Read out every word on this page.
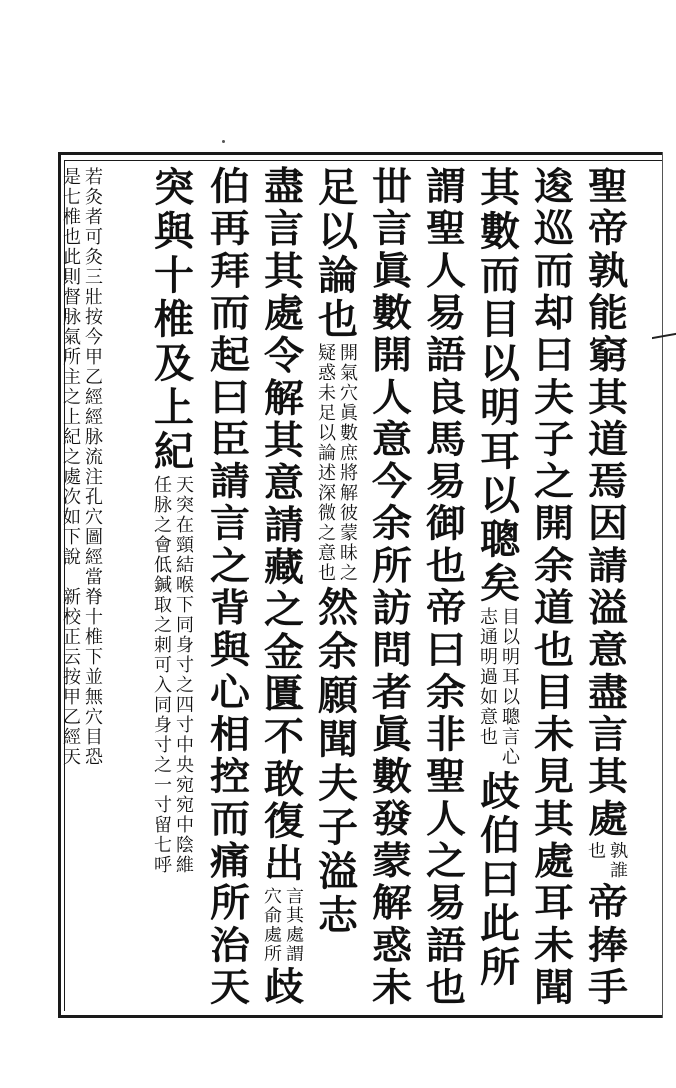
聖
帝
孰
能
窮
其
道
焉
因
請
溢
意
盡
言
其
處
孰
誰
也
帝
捧
手
逡
巡
而
却
曰
夫
子
之
開
余
道
也
目
未
見
其
處
耳
未
聞
其
數
而
目
以
明
耳
以
聰
矣
目
以
明
耳
以
聰
言
心
志
通
明
過
如
意
也
歧
伯
曰
此
所
謂
聖
人
易
語
良
馬
易
御
也
帝
曰
余
非
聖
人
之
易
語
也
丗
言
眞
數
開
人
意
今
余
所
訪
問
者
眞
數
發
蒙
解
惑
未
足
以
論
也
開
氣
穴
眞
數
庶
將
解
彼
蒙
昧
之
疑
惑
未
足
以
論
述
深
微
之
意
也
然
余
願
聞
夫
子
溢
志
盡
言
其
處
令
解
其
意
請
藏
之
金
匱
不
敢
復
出
言
其
處
謂
穴
俞
處
所
歧
伯
再
拜
而
起
曰
臣
請
言
之
背
與
心
相
控
而
痛
所
治
天
突
與
十
椎
及
上
紀
天
突
在
頸
結
喉
下
同
身
寸
之
四
寸
中
央
宛
宛
中
陰
維
任
脉
之
會
低
鍼
取
之
刺
可
入
同
身
寸
之
一
寸
留
七
呼
若
灸
者
可
灸
三
壯
按
今
甲
乙
經
經
脉
流
注
孔
穴
圖
經
當
脊
十
椎
下
並
無
穴
目
恐
是
七
椎
也
此
則
督
脉
氣
所
主
之
上
紀
之
處
次
如
下
說

新
校
正
云
按
甲
乙
經
天
